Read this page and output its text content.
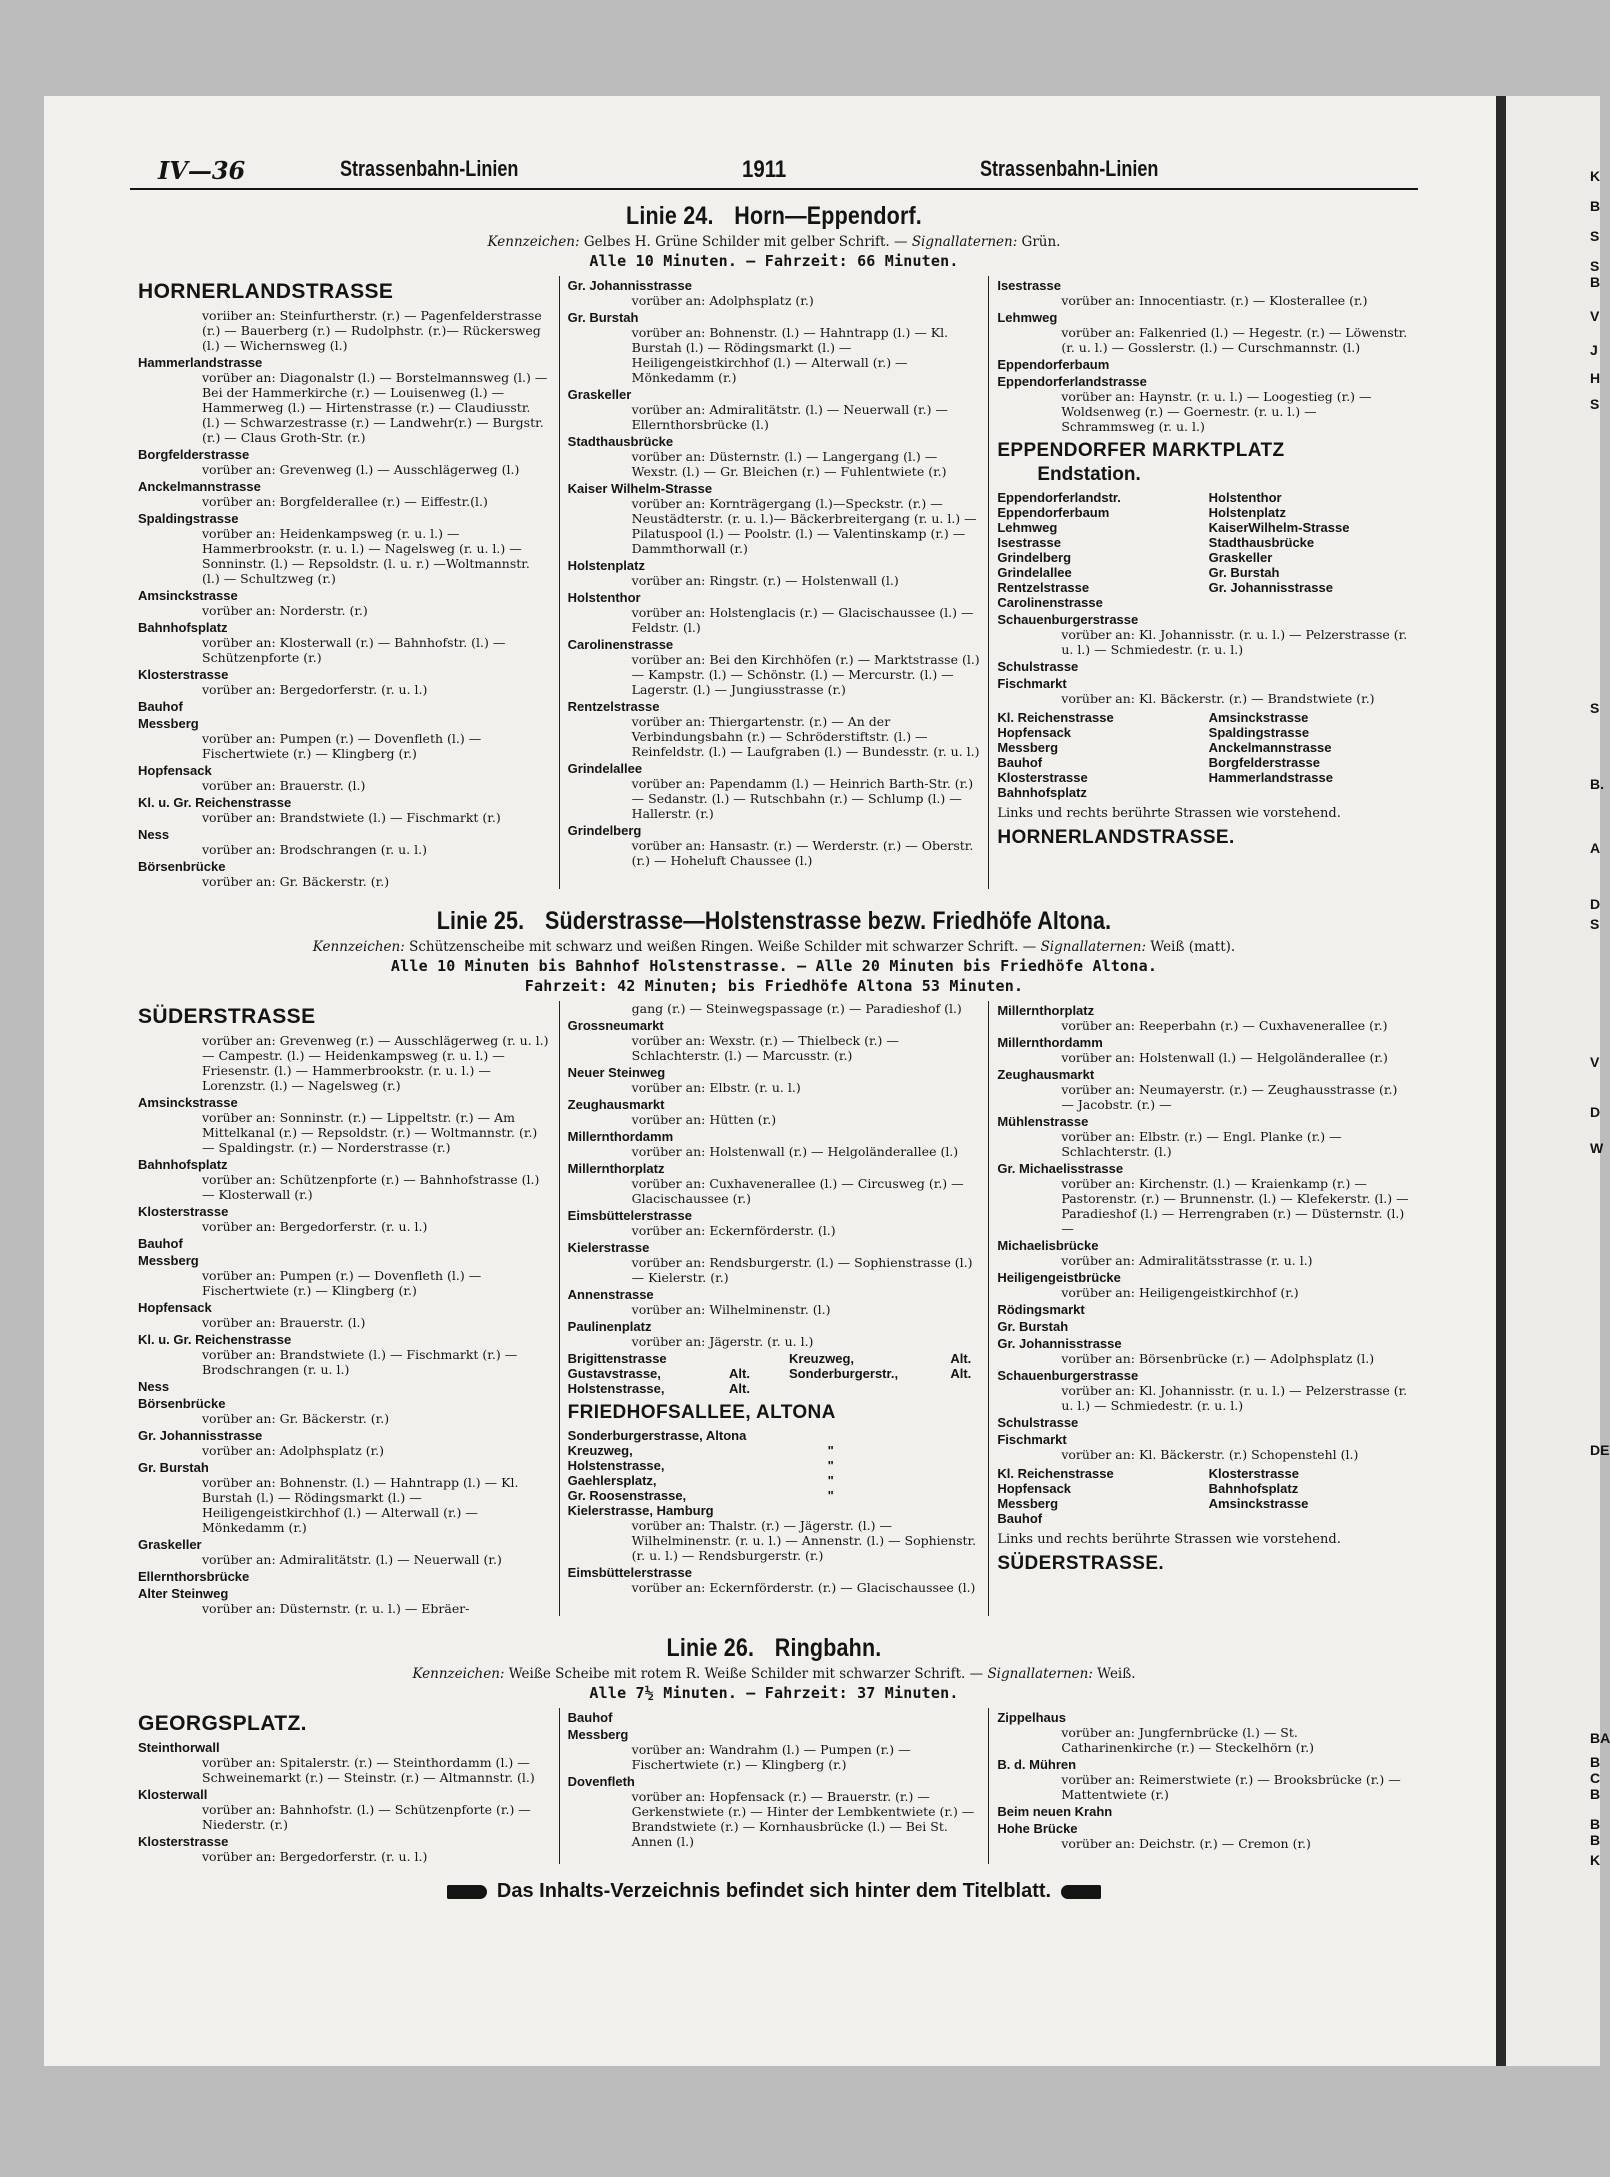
K
B
S
S
B
V
J
H
S
S
B.
A
D
S
V
D
W
DE
BA
B
C
B
B
B
K
IV—36	Strassenbahn-Linien	1911	Strassenbahn-Linien
Linie 24. Horn—Eppendorf.
Kennzeichen: Gelbes H. Grüne Schilder mit gelber Schrift. — Signallaternen: Grün.
Alle 10 Minuten. — Fahrzeit: 66 Minuten.
HORNERLANDSTRASSE
voriiber an: Steinfurtherstr. (r.) — Pagenfelderstrasse (r.) — Bauerberg (r.) — Rudolphstr. (r.)— Rückersweg (l.) — Wichernsweg (l.)
Hammerlandstrasse
vorüber an: Diagonalstr (l.) — Borstelmannsweg (l.) — Bei der Hammerkirche (r.) — Louisenweg (l.) — Hammerweg (l.) — Hirtenstrasse (r.) — Claudiusstr. (l.) — Schwarzestrasse (r.) — Landwehr(r.) — Burgstr. (r.) — Claus Groth-Str. (r.)
Borgfelderstrasse
vorüber an: Grevenweg (l.) — Ausschlägerweg (l.)
Anckelmannstrasse
vorüber an: Borgfelderallee (r.) — Eiffestr.(l.)
Spaldingstrasse
vorüber an: Heidenkampsweg (r. u. l.) — Hammerbrookstr. (r. u. l.) — Nagelsweg (r. u. l.) — Sonninstr. (l.) — Repsoldstr. (l. u. r.) —Woltmannstr. (l.) — Schultzweg (r.)
Amsinckstrasse
vorüber an: Norderstr. (r.)
Bahnhofsplatz
vorüber an: Klosterwall (r.) — Bahnhofstr. (l.) — Schützenpforte (r.)
Klosterstrasse
vorüber an: Bergedorferstr. (r. u. l.)
Bauhof
Messberg
vorüber an: Pumpen (r.) — Dovenfleth (l.) — Fischertwiete (r.) — Klingberg (r.)
Hopfensack
vorüber an: Brauerstr. (l.)
Kl. u. Gr. Reichenstrasse
vorüber an: Brandstwiete (l.) — Fischmarkt (r.)
Ness
vorüber an: Brodschrangen (r. u. l.)
Börsenbrücke
vorüber an: Gr. Bäckerstr. (r.)
Gr. Johannisstrasse
vorüber an: Adolphsplatz (r.)
Gr. Burstah
vorüber an: Bohnenstr. (l.) — Hahntrapp (l.) — Kl. Burstah (l.) — Rödingsmarkt (l.) — Heiligengeistkirchhof (l.) — Alterwall (r.) — Mönkedamm (r.)
Graskeller
vorüber an: Admiralitätstr. (l.) — Neuerwall (r.) — Ellernthorsbrücke (l.)
Stadthausbrücke
vorüber an: Düsternstr. (l.) — Langergang (l.) — Wexstr. (l.) — Gr. Bleichen (r.) — Fuhlentwiete (r.)
Kaiser Wilhelm-Strasse
vorüber an: Kornträgergang (l.)—Speckstr. (r.) —Neustädterstr. (r. u. l.)— Bäckerbreitergang (r. u. l.) — Pilatuspool (l.) — Poolstr. (l.) — Valentinskamp (r.) — Dammthorwall (r.)
Holstenplatz
vorüber an: Ringstr. (r.) — Holstenwall (l.)
Holstenthor
vorüber an: Holstenglacis (r.) — Glacischaussee (l.) — Feldstr. (l.)
Carolinenstrasse
vorüber an: Bei den Kirchhöfen (r.) — Marktstrasse (l.) — Kampstr. (l.) — Schönstr. (l.) — Mercurstr. (l.) — Lagerstr. (l.) — Jungiusstrasse (r.)
Rentzelstrasse
vorüber an: Thiergartenstr. (r.) — An der Verbindungsbahn (r.) — Schröderstiftstr. (l.) — Reinfeldstr. (l.) — Laufgraben (l.) — Bundesstr. (r. u. l.)
Grindelallee
vorüber an: Papendamm (l.) — Heinrich Barth-Str. (r.) — Sedanstr. (l.) — Rutschbahn (r.) — Schlump (l.) — Hallerstr. (r.)
Grindelberg
vorüber an: Hansastr. (r.) — Werderstr. (r.) — Oberstr. (r.) — Hoheluft Chaussee (l.)
Isestrasse
vorüber an: Innocentiastr. (r.) — Klosterallee (r.)
Lehmweg
vorüber an: Falkenried (l.) — Hegestr. (r.) — Löwenstr. (r. u. l.) — Gosslerstr. (l.) — Curschmannstr. (l.)
Eppendorferbaum
Eppendorferlandstrasse
vorüber an: Haynstr. (r. u. l.) — Loogestieg (r.) — Woldsenweg (r.) — Goernestr. (r. u. l.) — Schrammsweg (r. u. l.)
EPPENDORFER MARKTPLATZ
Endstation.
Eppendorferlandstr.	Holstenthor
Eppendorferbaum	Holstenplatz
Lehmweg	KaiserWilhelm-Strasse
Isestrasse	Stadthausbrücke
Grindelberg	Graskeller
Grindelallee	Gr. Burstah
Rentzelstrasse	Gr. Johannisstrasse
Carolinenstrasse
Schauenburgerstrasse
vorüber an: Kl. Johannisstr. (r. u. l.) — Pelzerstrasse (r. u. l.) — Schmiedestr. (r. u. l.)
Schulstrasse
Fischmarkt
vorüber an: Kl. Bäckerstr. (r.) — Brandstwiete (r.)
Kl. Reichenstrasse	Amsinckstrasse
Hopfensack	Spaldingstrasse
Messberg	Anckelmannstrasse
Bauhof	Borgfelderstrasse
Klosterstrasse	Hammerlandstrasse
Bahnhofsplatz
Links und rechts berührte Strassen wie vorstehend.
HORNERLANDSTRASSE.
Linie 25. Süderstrasse—Holstenstrasse bezw. Friedhöfe Altona.
Kennzeichen: Schützenscheibe mit schwarz und weißen Ringen. Weiße Schilder mit schwarzer Schrift. — Signallaternen: Weiß (matt).
Alle 10 Minuten bis Bahnhof Holstenstrasse. — Alle 20 Minuten bis Friedhöfe Altona.
Fahrzeit: 42 Minuten; bis Friedhöfe Altona 53 Minuten.
SÜDERSTRASSE
vorüber an: Grevenweg (r.) — Ausschlägerweg (r. u. l.) — Campestr. (l.) — Heidenkampsweg (r. u. l.) — Friesenstr. (l.) — Hammerbrookstr. (r. u. l.) — Lorenzstr. (l.) — Nagelsweg (r.)
Amsinckstrasse
vorüber an: Sonninstr. (r.) — Lippeltstr. (r.) — Am Mittelkanal (r.) — Repsoldstr. (r.) — Woltmannstr. (r.) — Spaldingstr. (r.) — Norderstrasse (r.)
Bahnhofsplatz
vorüber an: Schützenpforte (r.) — Bahnhofstrasse (l.) — Klosterwall (r.)
Klosterstrasse
vorüber an: Bergedorferstr. (r. u. l.)
Bauhof
Messberg
vorüber an: Pumpen (r.) — Dovenfleth (l.) — Fischertwiete (r.) — Klingberg (r.)
Hopfensack
vorüber an: Brauerstr. (l.)
Kl. u. Gr. Reichenstrasse
vorüber an: Brandstwiete (l.) — Fischmarkt (r.) — Brodschrangen (r. u. l.)
Ness
Börsenbrücke
vorüber an: Gr. Bäckerstr. (r.)
Gr. Johannisstrasse
vorüber an: Adolphsplatz (r.)
Gr. Burstah
vorüber an: Bohnenstr. (l.) — Hahntrapp (l.) — Kl. Burstah (l.) — Rödingsmarkt (l.) — Heiligengeistkirchhof (l.) — Alterwall (r.) — Mönkedamm (r.)
Graskeller
vorüber an: Admiralitätstr. (l.) — Neuerwall (r.)
Ellernthorsbrücke
Alter Steinweg
vorüber an: Düsternstr. (r. u. l.) — Ebräer-
gang (r.) — Steinwegspassage (r.) — Paradieshof (l.)
Grossneumarkt
vorüber an: Wexstr. (r.) — Thielbeck (r.) — Schlachterstr. (l.) — Marcusstr. (r.)
Neuer Steinweg
vorüber an: Elbstr. (r. u. l.)
Zeughausmarkt
vorüber an: Hütten (r.)
Millernthordamm
vorüber an: Holstenwall (r.) — Helgoländerallee (l.)
Millernthorplatz
vorüber an: Cuxhavenerallee (l.) — Circusweg (r.) — Glacischaussee (r.)
Eimsbüttelerstrasse
vorüber an: Eckernförderstr. (l.)
Kielerstrasse
vorüber an: Rendsburgerstr. (l.) — Sophienstrasse (l.) — Kielerstr. (r.)
Annenstrasse
vorüber an: Wilhelminenstr. (l.)
Paulinenplatz
vorüber an: Jägerstr. (r. u. l.)
Brigittenstrasse	Kreuzweg,	Alt.
Gustavstrasse,	Alt.	Sonderburgerstr.,	Alt.
Holstenstrasse,	Alt.
FRIEDHOFSALLEE, ALTONA
Sonderburgerstrasse, Altona
Kreuzweg,	"
Holstenstrasse,	"
Gaehlersplatz,	"
Gr. Roosenstrasse,	"
Kielerstrasse, Hamburg
vorüber an: Thalstr. (r.) — Jägerstr. (l.) — Wilhelminenstr. (r. u. l.) — Annenstr. (l.) — Sophienstr. (r. u. l.) — Rendsburgerstr. (r.)
Eimsbüttelerstrasse
vorüber an: Eckernförderstr. (r.) — Glacischaussee (l.)
Millernthorplatz
vorüber an: Reeperbahn (r.) — Cuxhavenerallee (r.)
Millernthordamm
vorüber an: Holstenwall (l.) — Helgoländerallee (r.)
Zeughausmarkt
vorüber an: Neumayerstr. (r.) — Zeughausstrasse (r.) — Jacobstr. (r.) —
Mühlenstrasse
vorüber an: Elbstr. (r.) — Engl. Planke (r.) — Schlachterstr. (l.)
Gr. Michaelisstrasse
vorüber an: Kirchenstr. (l.) — Kraienkamp (r.) — Pastorenstr. (r.) — Brunnenstr. (l.) — Klefekerstr. (l.) — Paradieshof (l.) — Herrengraben (r.) — Düsternstr. (l.) —
Michaelisbrücke
vorüber an: Admiralitätsstrasse (r. u. l.)
Heiligengeistbrücke
vorüber an: Heiligengeistkirchhof (r.)
Rödingsmarkt
Gr. Burstah
Gr. Johannisstrasse
vorüber an: Börsenbrücke (r.) — Adolphsplatz (l.)
Schauenburgerstrasse
vorüber an: Kl. Johannisstr. (r. u. l.) — Pelzerstrasse (r. u. l.) — Schmiedestr. (r. u. l.)
Schulstrasse
Fischmarkt
vorüber an: Kl. Bäckerstr. (r.) Schopenstehl (l.)
Kl. Reichenstrasse	Klosterstrasse
Hopfensack	Bahnhofsplatz
Messberg	Amsinckstrasse
Bauhof
Links und rechts berührte Strassen wie vorstehend.
SÜDERSTRASSE.
Linie 26. Ringbahn.
Kennzeichen: Weiße Scheibe mit rotem R. Weiße Schilder mit schwarzer Schrift. — Signallaternen: Weiß.
Alle 7½ Minuten. — Fahrzeit: 37 Minuten.
GEORGSPLATZ.
Steinthorwall
vorüber an: Spitalerstr. (r.) — Steinthordamm (l.) — Schweinemarkt (r.) — Steinstr. (r.) — Altmannstr. (l.)
Klosterwall
vorüber an: Bahnhofstr. (l.) — Schützenpforte (r.) — Niederstr. (r.)
Klosterstrasse
vorüber an: Bergedorferstr. (r. u. l.)
Bauhof
Messberg
vorüber an: Wandrahm (l.) — Pumpen (r.) — Fischertwiete (r.) — Klingberg (r.)
Dovenfleth
vorüber an: Hopfensack (r.) — Brauerstr. (r.) — Gerkenstwiete (r.) — Hinter der Lembkentwiete (r.) — Brandstwiete (r.) — Kornhausbrücke (l.) — Bei St. Annen (l.)
Zippelhaus
vorüber an: Jungfernbrücke (l.) — St. Catharinenkirche (r.) — Steckelhörn (r.)
B. d. Mühren
vorüber an: Reimerstwiete (r.) — Brooksbrücke (r.) — Mattentwiete (r.)
Beim neuen Krahn
Hohe Brücke
vorüber an: Deichstr. (r.) — Cremon (r.)
Das Inhalts-Verzeichnis befindet sich hinter dem Titelblatt.
